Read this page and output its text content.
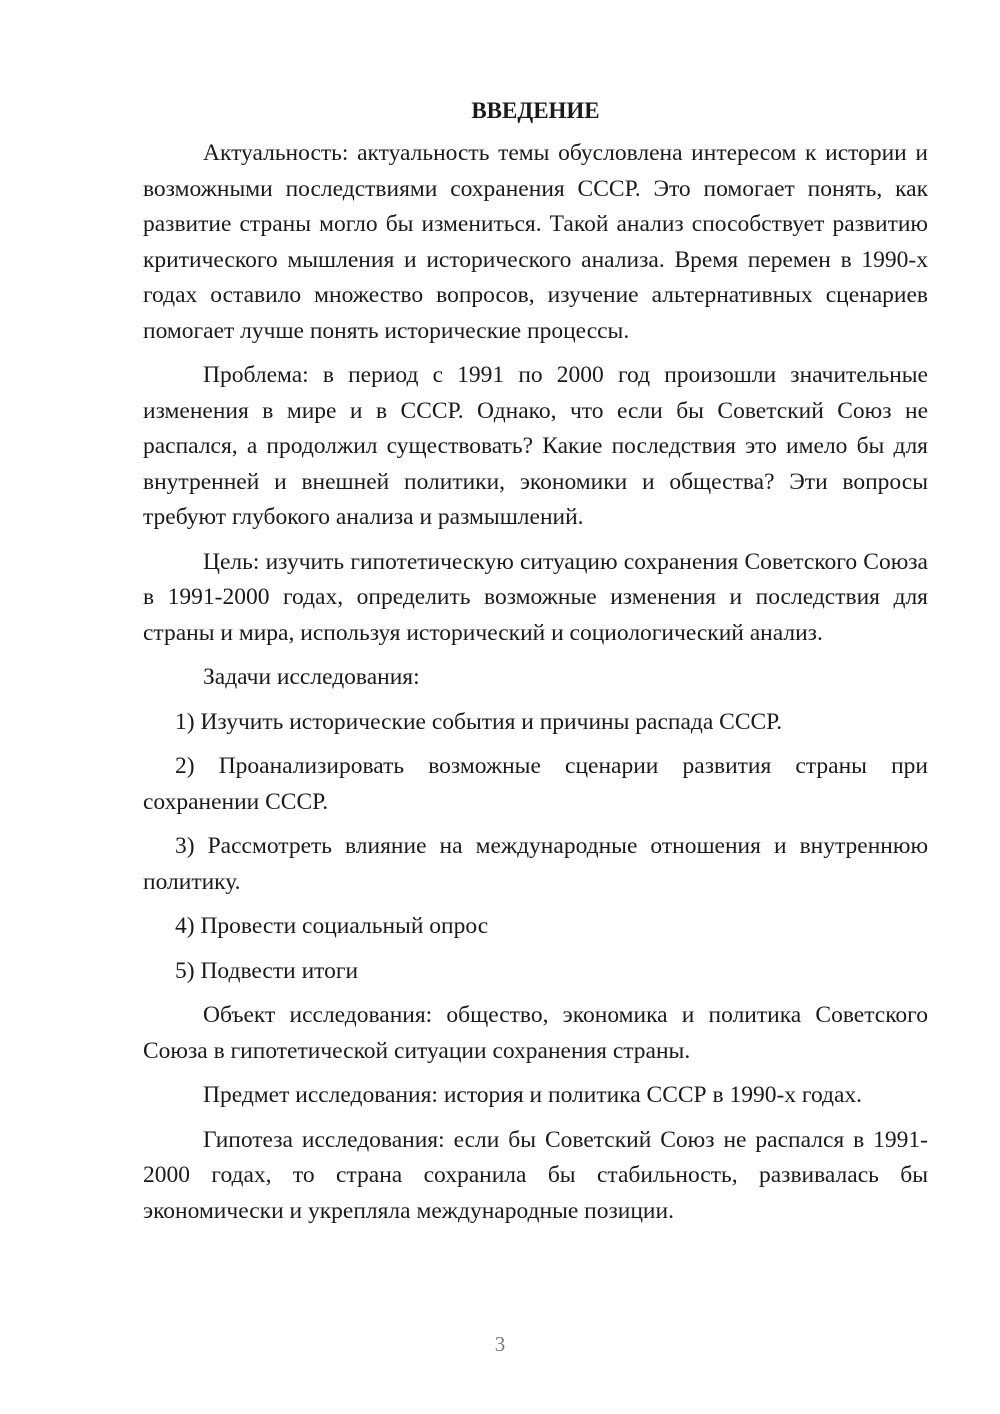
ВВЕДЕНИЕ

Актуальность: актуальность темы обусловлена интересом к истории и возможными последствиями сохранения СССР. Это помогает понять, как развитие страны могло бы измениться. Такой анализ способствует развитию критического мышления и исторического анализа. Время перемен в 1990-х годах оставило множество вопросов, изучение альтернативных сценариев помогает лучше понять исторические процессы.

Проблема: в период с 1991 по 2000 год произошли значительные изменения в мире и в СССР. Однако, что если бы Советский Союз не распался, а продолжил существовать? Какие последствия это имело бы для внутренней и внешней политики, экономики и общества? Эти вопросы требуют глубокого анализа и размышлений.

Цель: изучить гипотетическую ситуацию сохранения Советского Союза в 1991-2000 годах, определить возможные изменения и последствия для страны и мира, используя исторический и социологический анализ.

Задачи исследования:

1) Изучить исторические события и причины распада СССР.

2) Проанализировать возможные сценарии развития страны при сохранении СССР.

3) Рассмотреть влияние на международные отношения и внутреннюю политику.

4) Провести социальный опрос

5) Подвести итоги

Объект исследования: общество, экономика и политика Советского Союза в гипотетической ситуации сохранения страны.

Предмет исследования: история и политика СССР в 1990-х годах.

Гипотеза исследования: если бы Советский Союз не распался в 1991-2000 годах, то страна сохранила бы стабильность, развивалась бы экономически и укрепляла международные позиции.

3
